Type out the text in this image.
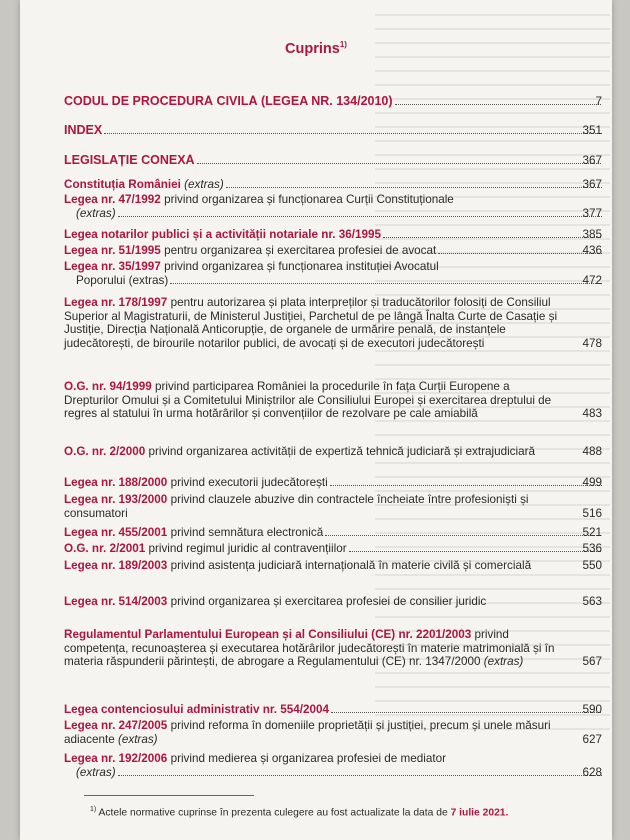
Cuprins$^{1)}$
CODUL DE PROCEDURĂ CIVILĂ (LEGEA NR. 134/2010)	7
INDEX	351
LEGISLAȚIE CONEXĂ	367
Constituția României (extras)	367
Legea nr. 47/1992 privind organizarea și funcționarea Curții Constituționale
(extras)	377
Legea notarilor publici și a activității notariale nr. 36/1995	385
Legea nr. 51/1995 pentru organizarea și exercitarea profesiei de avocat	436
Legea nr. 35/1997 privind organizarea și funcționarea instituției Avocatul
Poporului (extras)	472
Legea nr. 178/1997 pentru autorizarea și plata interpreților și traducătorilor folosiți de Consiliul Superior al Magistraturii, de Ministerul Justiției, Parchetul de pe lângă Înalta Curte de Casație și Justiție, Direcția Națională Anticorupție, de organele de urmărire penală, de instanțele judecătorești, de birourile notarilor publici, de avocați și de executori judecătorești	478
O.G. nr. 94/1999 privind participarea României la procedurile în fața Curții Europene a Drepturilor Omului și a Comitetului Miniștrilor ale Consiliului Europei și exercitarea dreptului de regres al statului în urma hotărârilor și convențiilor de rezolvare pe cale amiabilă	483
O.G. nr. 2/2000 privind organizarea activității de expertiză tehnică judiciară și extrajudiciară	488
Legea nr. 188/2000 privind executorii judecătorești	499
Legea nr. 193/2000 privind clauzele abuzive din contractele încheiate între profesioniști și consumatori	516
Legea nr. 455/2001 privind semnătura electronică	521
O.G. nr. 2/2001 privind regimul juridic al contravențiilor	536
Legea nr. 189/2003 privind asistența judiciară internațională în materie civilă și comercială	550
Legea nr. 514/2003 privind organizarea și exercitarea profesiei de consilier juridic	563
Regulamentul Parlamentului European și al Consiliului (CE) nr. 2201/2003 privind competența, recunoașterea și executarea hotărârilor judecătorești în materie matrimonială și în materia răspunderii părintești, de abrogare a Regulamentului (CE) nr. 1347/2000 (extras)	567
Legea contenciosului administrativ nr. 554/2004	590
Legea nr. 247/2005 privind reforma în domeniile proprietății și justiției, precum și unele măsuri adiacente (extras)	627
Legea nr. 192/2006 privind medierea și organizarea profesiei de mediator
(extras)	628
$^{1)}$ Actele normative cuprinse în prezenta culegere au fost actualizate la data de 7 iulie 2021.
